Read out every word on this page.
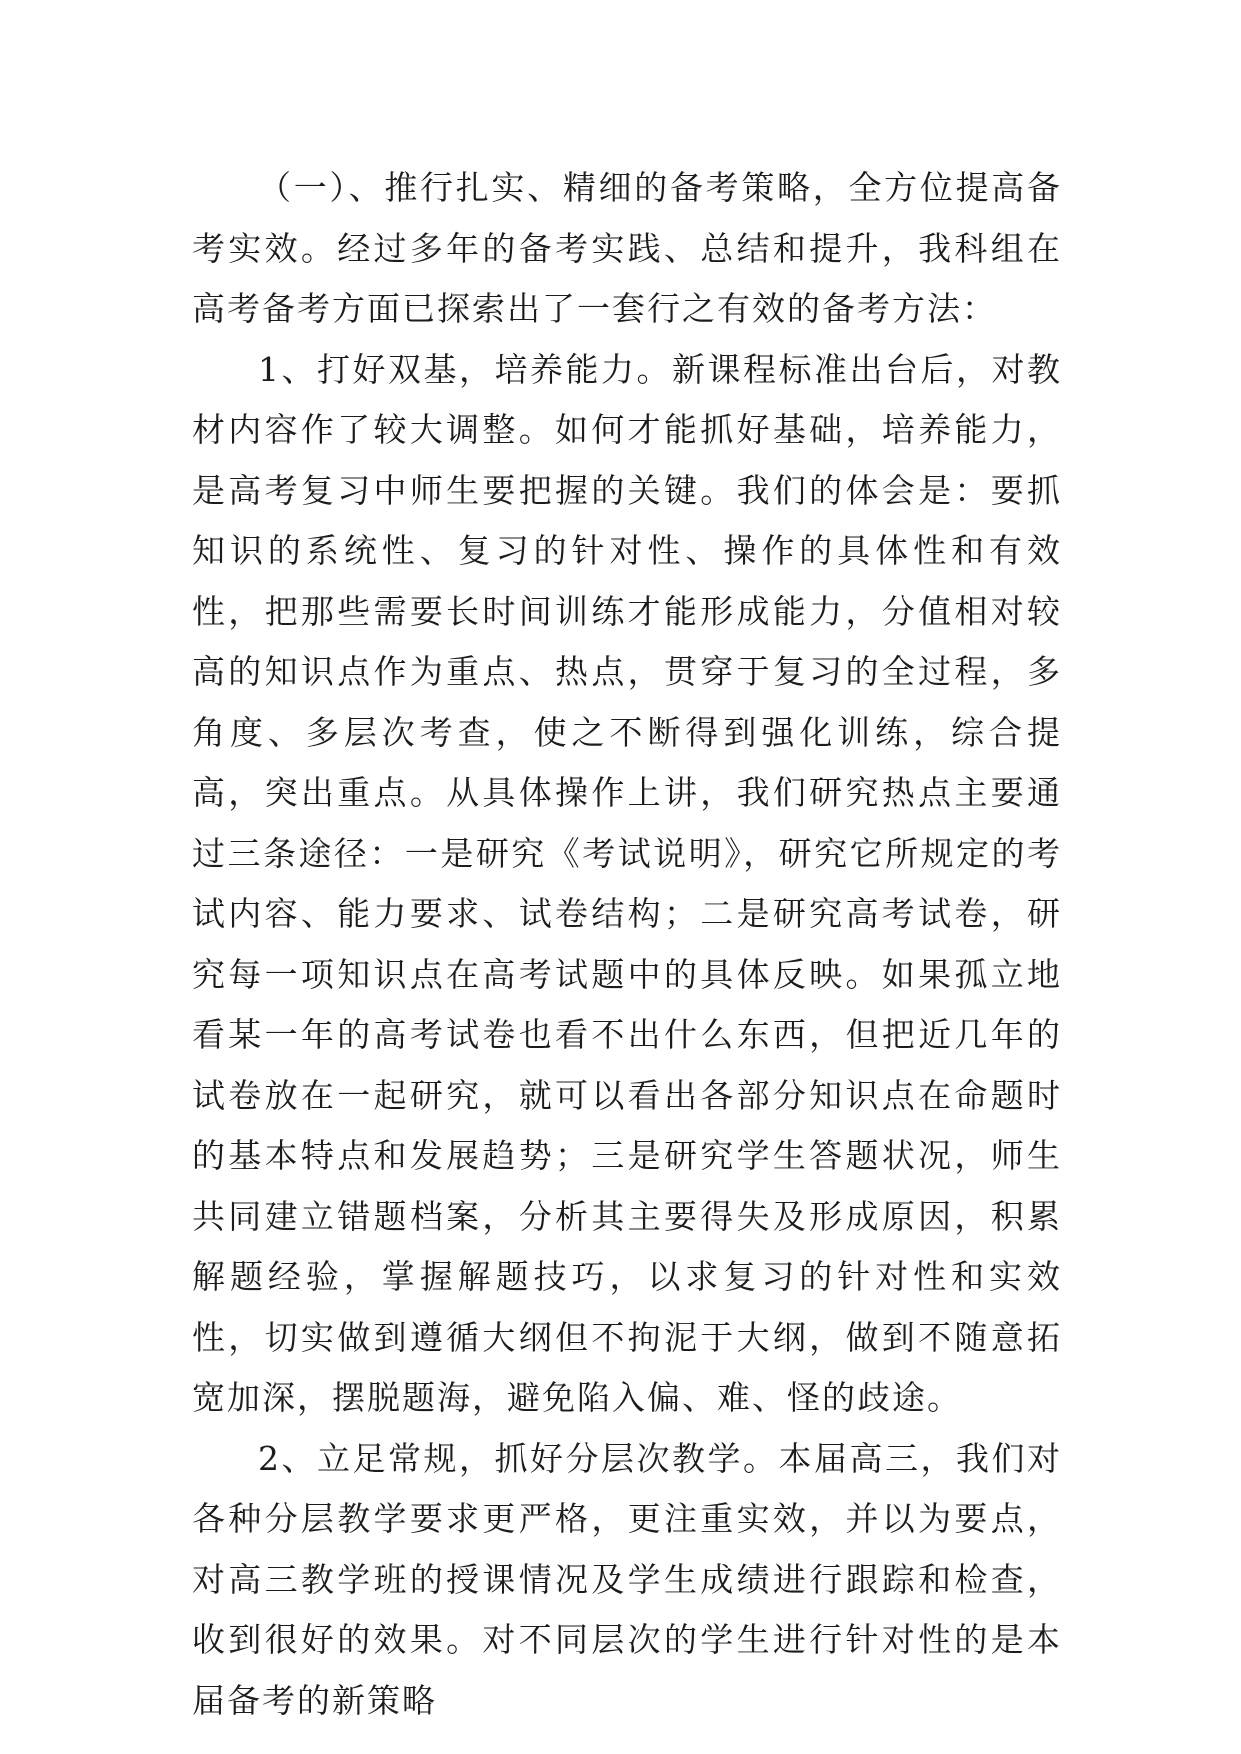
（一）、推行扎实、精细的备考策略，全方位提高备考实效。经过多年的备考实践、总结和提升，我科组在高考备考方面已探索出了一套行之有效的备考方法：

1、打好双基，培养能力。新课程标准出台后，对教材内容作了较大调整。如何才能抓好基础，培养能力，是高考复习中师生要把握的关键。我们的体会是：要抓知识的系统性、复习的针对性、操作的具体性和有效性，把那些需要长时间训练才能形成能力，分值相对较高的知识点作为重点、热点，贯穿于复习的全过程，多角度、多层次考查，使之不断得到强化训练，综合提高，突出重点。从具体操作上讲，我们研究热点主要通过三条途径：一是研究《考试说明》，研究它所规定的考试内容、能力要求、试卷结构；二是研究高考试卷，研究每一项知识点在高考试题中的具体反映。如果孤立地看某一年的高考试卷也看不出什么东西，但把近几年的试卷放在一起研究，就可以看出各部分知识点在命题时的基本特点和发展趋势；三是研究学生答题状况，师生共同建立错题档案，分析其主要得失及形成原因，积累解题经验，掌握解题技巧，以求复习的针对性和实效性，切实做到遵循大纲但不拘泥于大纲，做到不随意拓宽加深，摆脱题海，避免陷入偏、难、怪的歧途。

2、立足常规，抓好分层次教学。本届高三，我们对各种分层教学要求更严格，更注重实效，并以为要点，对高三教学班的授课情况及学生成绩进行跟踪和检查，收到很好的效果。对不同层次的学生进行针对性的是本届备考的新策略
